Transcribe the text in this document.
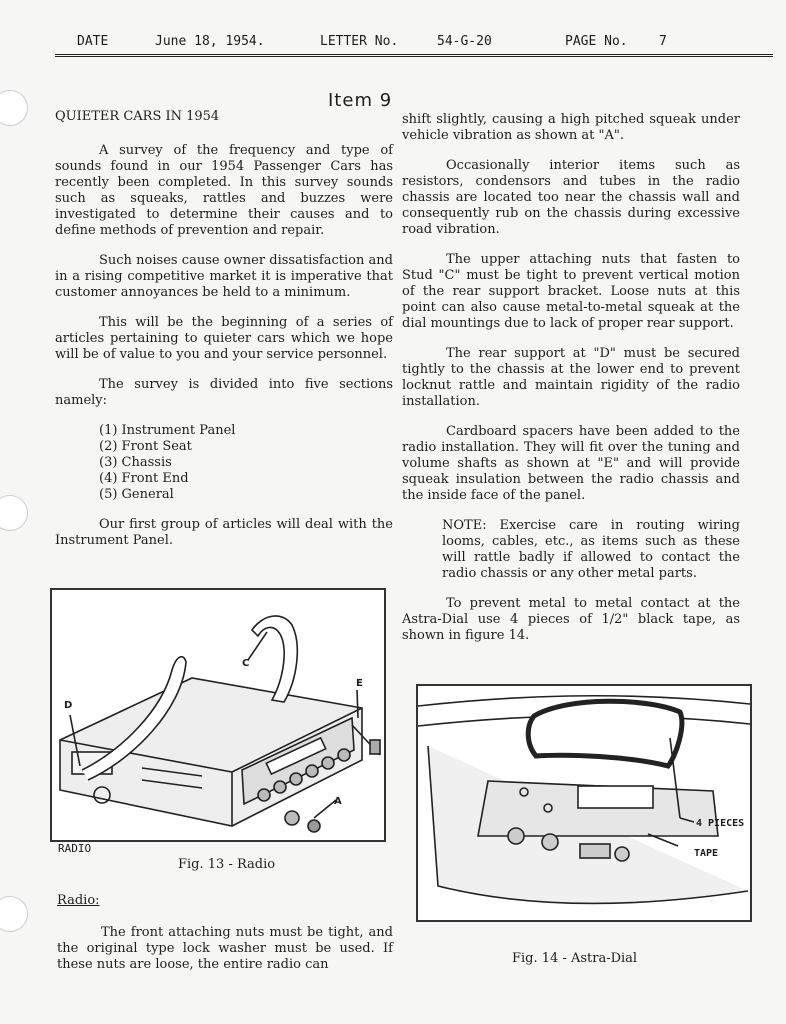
DATE	June 18, 1954.	LETTER No.	54-G-20	PAGE No. 7
Item 9
QUIETER CARS IN 1954

A survey of the frequency and type of sounds found in our 1954 Passenger Cars has recently been completed. In this survey sounds such as squeaks, rattles and buzzes were investigated to determine their causes and to define methods of prevention and repair.

Such noises cause owner dissatisfaction and in a rising competitive market it is imperative that customer annoyances be held to a minimum.

This will be the beginning of a series of articles pertaining to quieter cars which we hope will be of value to you and your service personnel.

The survey is divided into five sections namely:

(1) Instrument Panel
(2) Front Seat
(3) Chassis
(4) Front End
(5) General

Our first group of articles will deal with the Instrument Panel.

D
C
E
A
RADIO
Fig. 13 - Radio
Radio:

The front attaching nuts must be tight, and the original type lock washer must be used. If these nuts are loose, the entire radio can

shift slightly, causing a high pitched squeak under vehicle vibration as shown at "A".

Occasionally interior items such as resistors, condensors and tubes in the radio chassis are located too near the chassis wall and consequently rub on the chassis during excessive road vibration.

The upper attaching nuts that fasten to Stud "C" must be tight to prevent vertical motion of the rear support bracket. Loose nuts at this point can also cause metal-to-metal squeak at the dial mountings due to lack of proper rear support.

The rear support at "D" must be secured tightly to the chassis at the lower end to prevent locknut rattle and maintain rigidity of the radio installation.

Cardboard spacers have been added to the radio installation. They will fit over the tuning and volume shafts as shown at "E" and will provide squeak insulation between the radio chassis and the inside face of the panel.

NOTE: Exercise care in routing wiring looms, cables, etc., as items such as these will rattle badly if allowed to contact the radio chassis or any other metal parts.

To prevent metal to metal contact at the Astra-Dial use 4 pieces of 1/2" black tape, as shown in figure 14.

4 PIECES
TAPE
Fig. 14 - Astra-Dial
